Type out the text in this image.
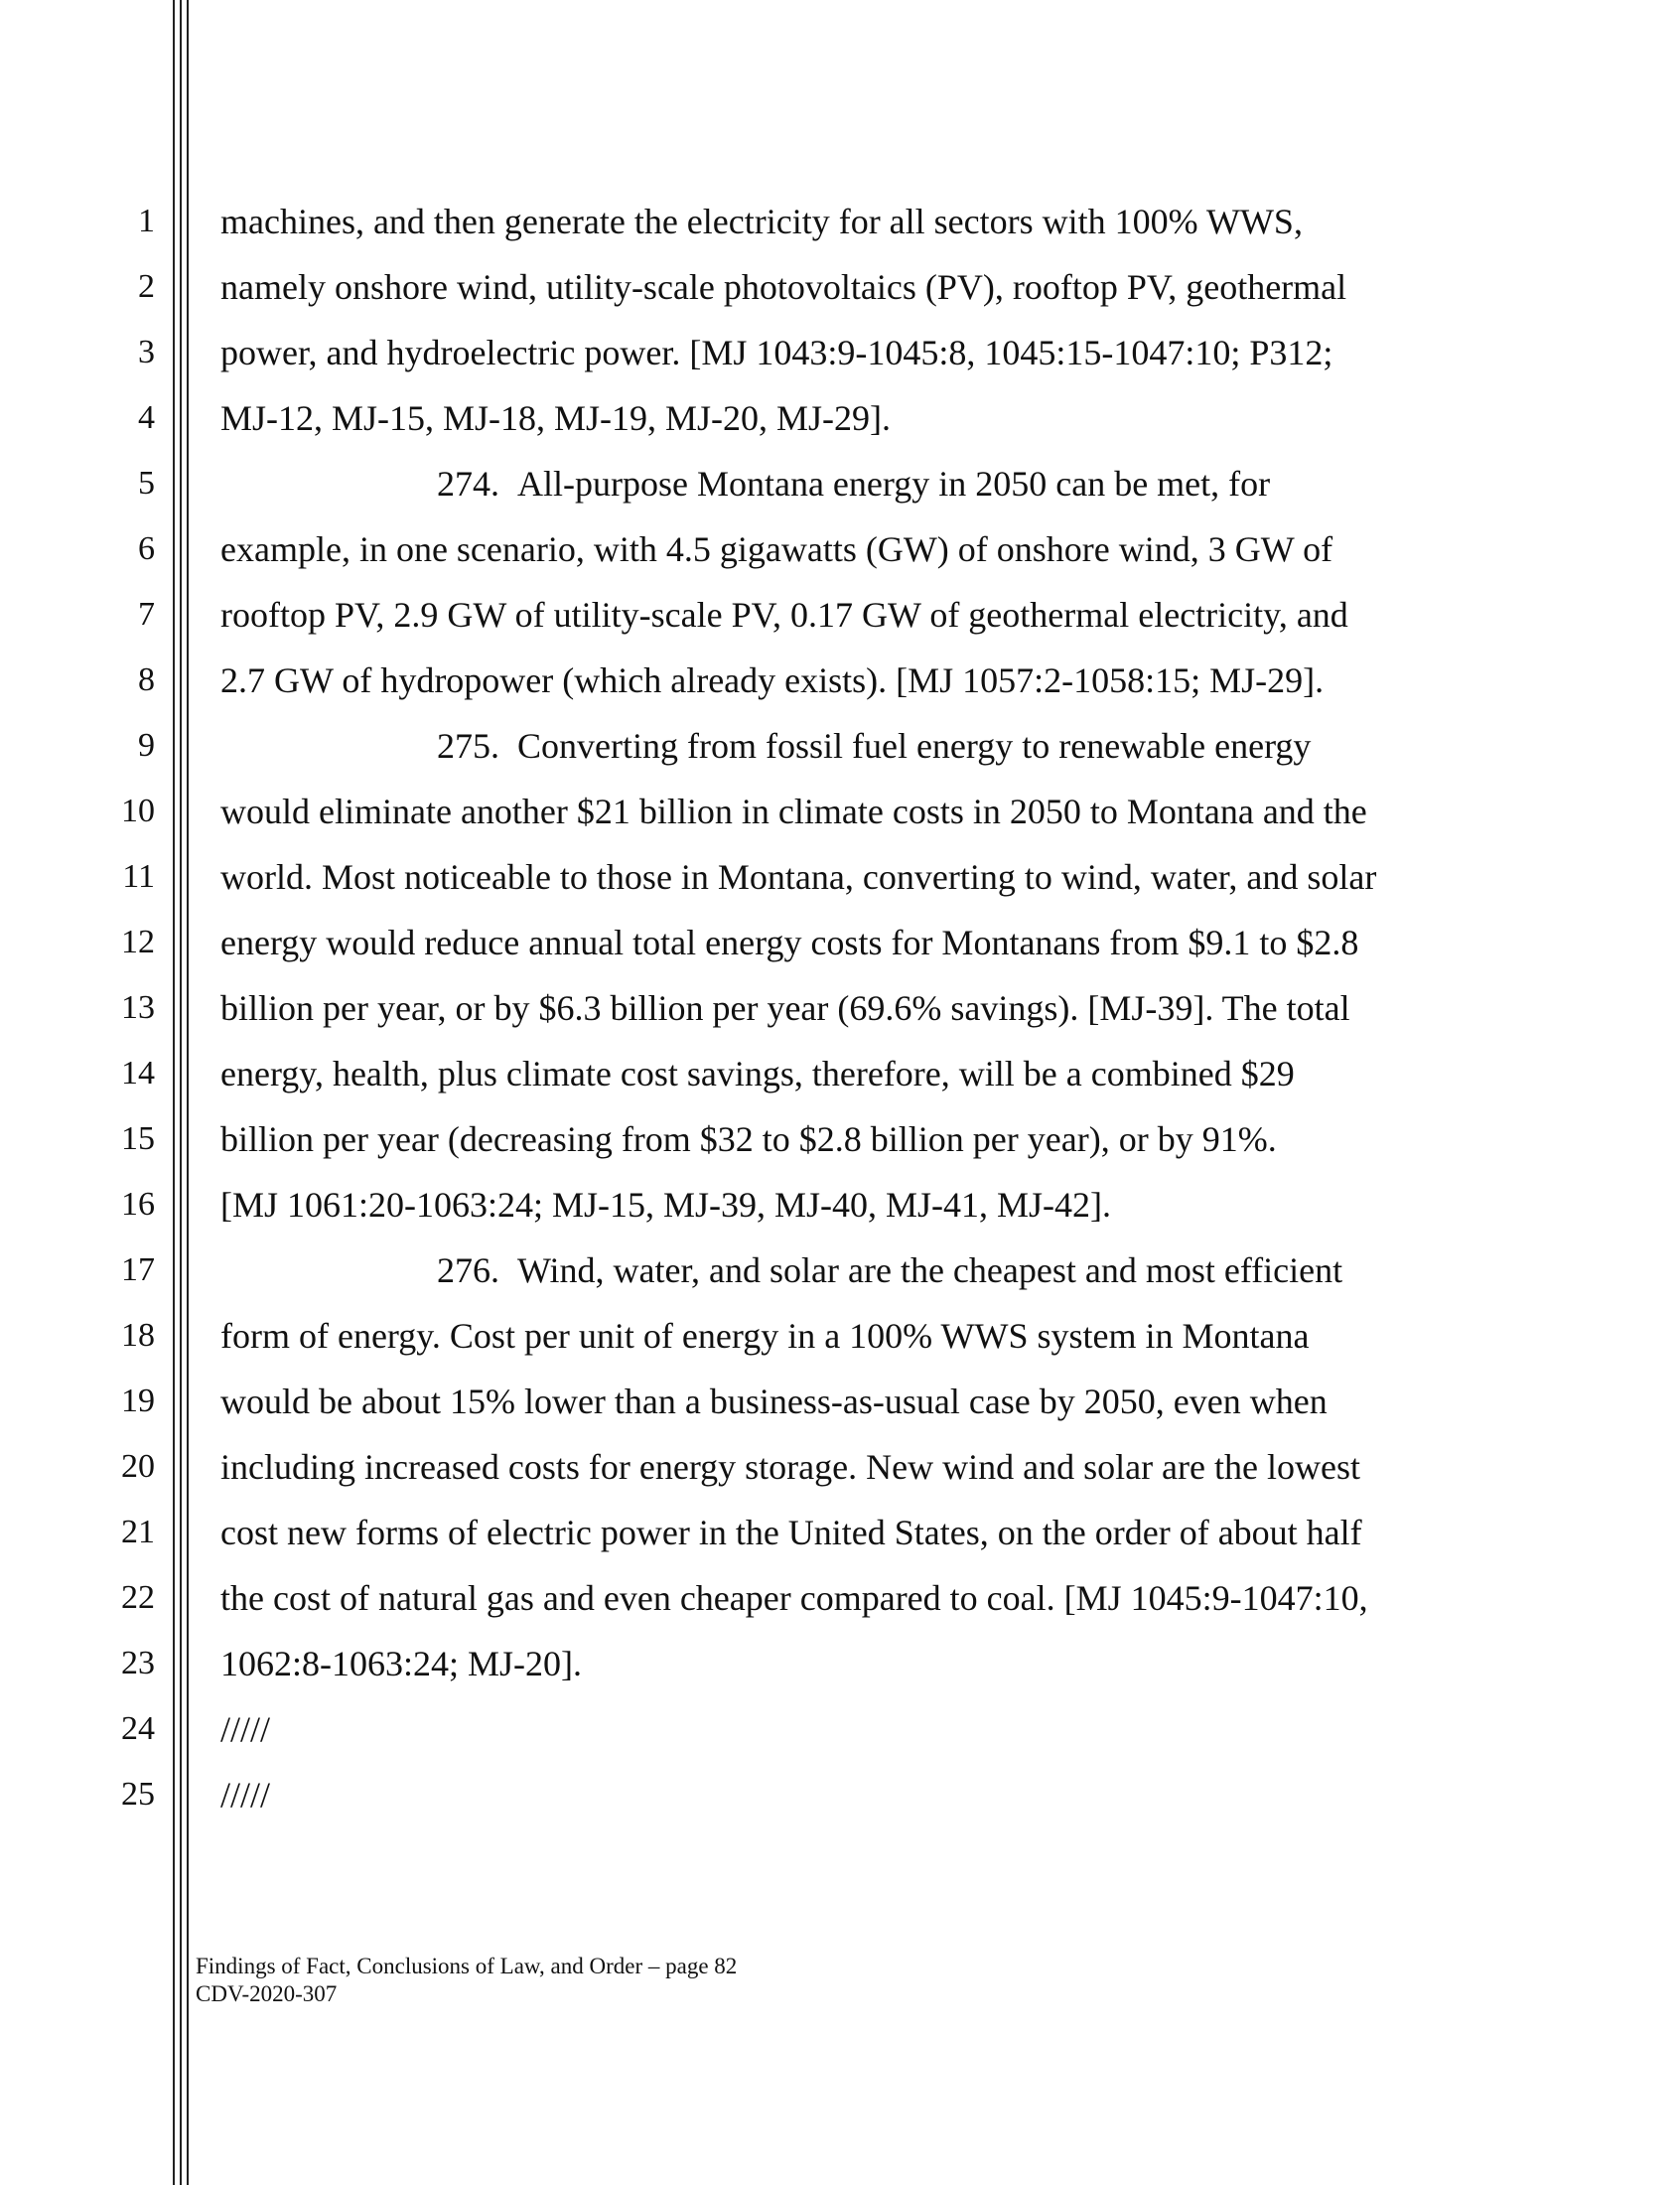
1
2
3
4
5
6
7
8
9
10
11
12
13
14
15
16
17
18
19
20
21
22
23
24
25
machines, and then generate the electricity for all sectors with 100% WWS,
namely onshore wind, utility-scale photovoltaics (PV), rooftop PV, geothermal
power, and hydroelectric power. [MJ 1043:9-1045:8, 1045:15-1047:10; P312;
MJ-12, MJ-15, MJ-18, MJ-19, MJ-20, MJ-29].
274. All-purpose Montana energy in 2050 can be met, for
example, in one scenario, with 4.5 gigawatts (GW) of onshore wind, 3 GW of
rooftop PV, 2.9 GW of utility-scale PV, 0.17 GW of geothermal electricity, and
2.7 GW of hydropower (which already exists). [MJ 1057:2-1058:15; MJ-29].
275. Converting from fossil fuel energy to renewable energy
would eliminate another $21 billion in climate costs in 2050 to Montana and the
world. Most noticeable to those in Montana, converting to wind, water, and solar
energy would reduce annual total energy costs for Montanans from $9.1 to $2.8
billion per year, or by $6.3 billion per year (69.6% savings). [MJ-39]. The total
energy, health, plus climate cost savings, therefore, will be a combined $29
billion per year (decreasing from $32 to $2.8 billion per year), or by 91%.
[MJ 1061:20-1063:24; MJ-15, MJ-39, MJ-40, MJ-41, MJ-42].
276. Wind, water, and solar are the cheapest and most efficient
form of energy. Cost per unit of energy in a 100% WWS system in Montana
would be about 15% lower than a business-as-usual case by 2050, even when
including increased costs for energy storage. New wind and solar are the lowest
cost new forms of electric power in the United States, on the order of about half
the cost of natural gas and even cheaper compared to coal. [MJ 1045:9-1047:10,
1062:8-1063:24; MJ-20].
/////
/////
Findings of Fact, Conclusions of Law, and Order – page 82
CDV-2020-307
